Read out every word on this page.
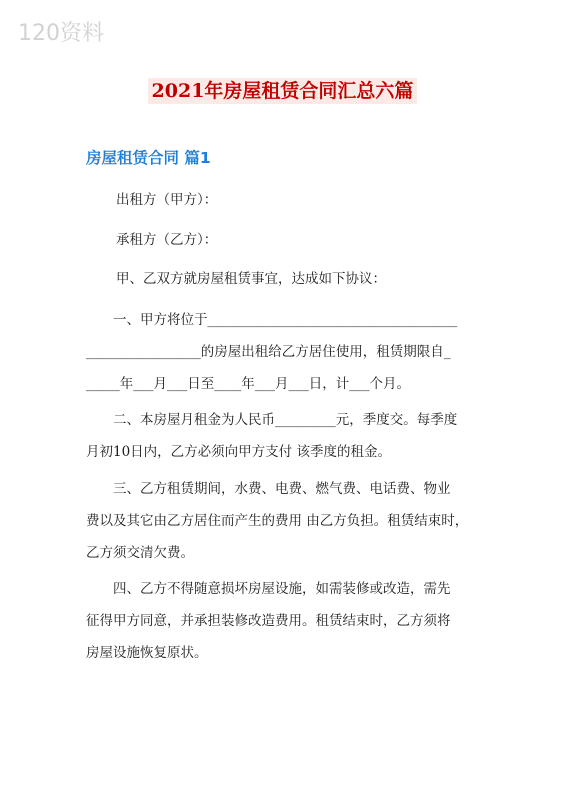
120资料
2021年房屋租赁合同汇总六篇
房屋租赁合同 篇1
出租方（甲方）：
承租方（乙方）：
甲、乙双方就房屋租赁事宜，达成如下协议：
　　一、甲方将位于_____________________________________
_________________的房屋出租给乙方居住使用，租赁期限自_
_____年___月___日至____年___月___日，计___个月。
　　二、本房屋月租金为人民币_________元，季度交。每季度
月初10日内，乙方必须向甲方支付 该季度的租金。
　　三、乙方租赁期间，水费、电费、燃气费、电话费、物业
费以及其它由乙方居住而产生的费用 由乙方负担。租赁结束时，
乙方须交清欠费。
　　四、乙方不得随意损坏房屋设施，如需装修或改造，需先
征得甲方同意，并承担装修改造费用。租赁结束时，乙方须将
房屋设施恢复原状。
